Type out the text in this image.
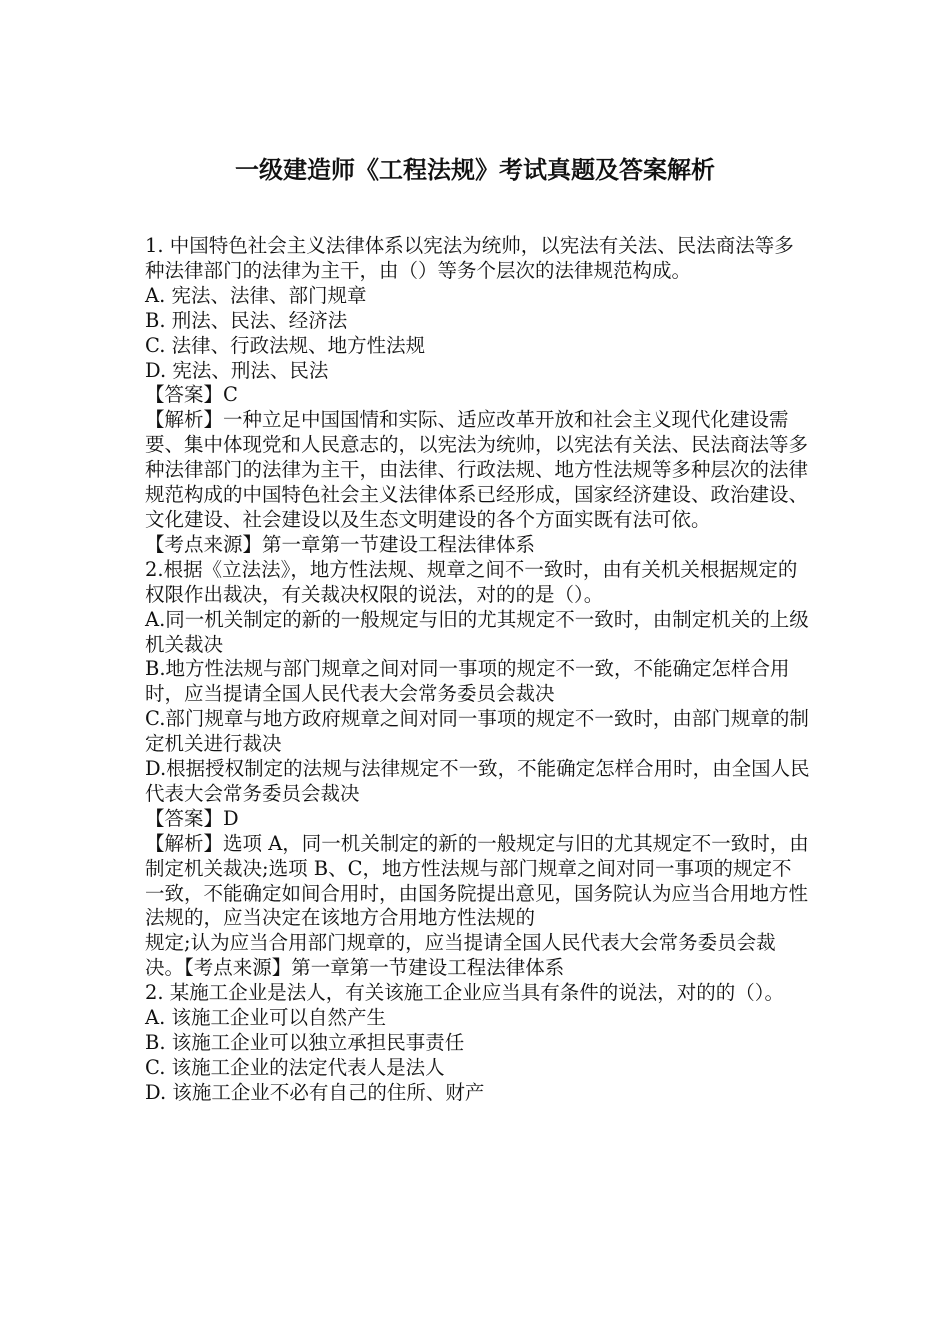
一级建造师《工程法规》考试真题及答案解析

1. 中国特色社会主义法律体系以宪法为统帅，以宪法有关法、民法商法等多种法律部门的法律为主干，由（）等务个层次的法律规范构成。

A. 宪法、法律、部门规章

B. 刑法、民法、经济法

C. 法律、行政法规、地方性法规

D. 宪法、刑法、民法

【答案】C

【解析】一种立足中国国情和实际、适应改革开放和社会主义现代化建设需要、集中体现党和人民意志的，以宪法为统帅，以宪法有关法、民法商法等多种法律部门的法律为主干，由法律、行政法规、地方性法规等多种层次的法律规范构成的中国特色社会主义法律体系已经形成，国家经济建设、政治建设、文化建设、社会建设以及生态文明建设的各个方面实既有法可依。

【考点来源】第一章第一节建设工程法律体系

2.根据《立法法》，地方性法规、规章之间不一致时，由有关机关根据规定的权限作出裁决，有关裁决权限的说法，对的的是（）。

A.同一机关制定的新的一般规定与旧的尤其规定不一致时，由制定机关的上级机关裁决

B.地方性法规与部门规章之间对同一事项的规定不一致，不能确定怎样合用时，应当提请全国人民代表大会常务委员会裁决

C.部门规章与地方政府规章之间对同一事项的规定不一致时，由部门规章的制定机关进行裁决

D.根据授权制定的法规与法律规定不一致，不能确定怎样合用时，由全国人民代表大会常务委员会裁决

【答案】D

【解析】选项 A，同一机关制定的新的一般规定与旧的尤其规定不一致时，由制定机关裁决;选项 B、C，地方性法规与部门规章之间对同一事项的规定不一致，不能确定如间合用时，由国务院提出意见，国务院认为应当合用地方性法规的，应当决定在该地方合用地方性法规的

规定;认为应当合用部门规章的，应当提请全国人民代表大会常务委员会裁决。【考点来源】第一章第一节建设工程法律体系

2. 某施工企业是法人，有关该施工企业应当具有条件的说法，对的的（）。

A. 该施工企业可以自然产生

B. 该施工企业可以独立承担民事责任

C. 该施工企业的法定代表人是法人

D. 该施工企业不必有自己的住所、财产
